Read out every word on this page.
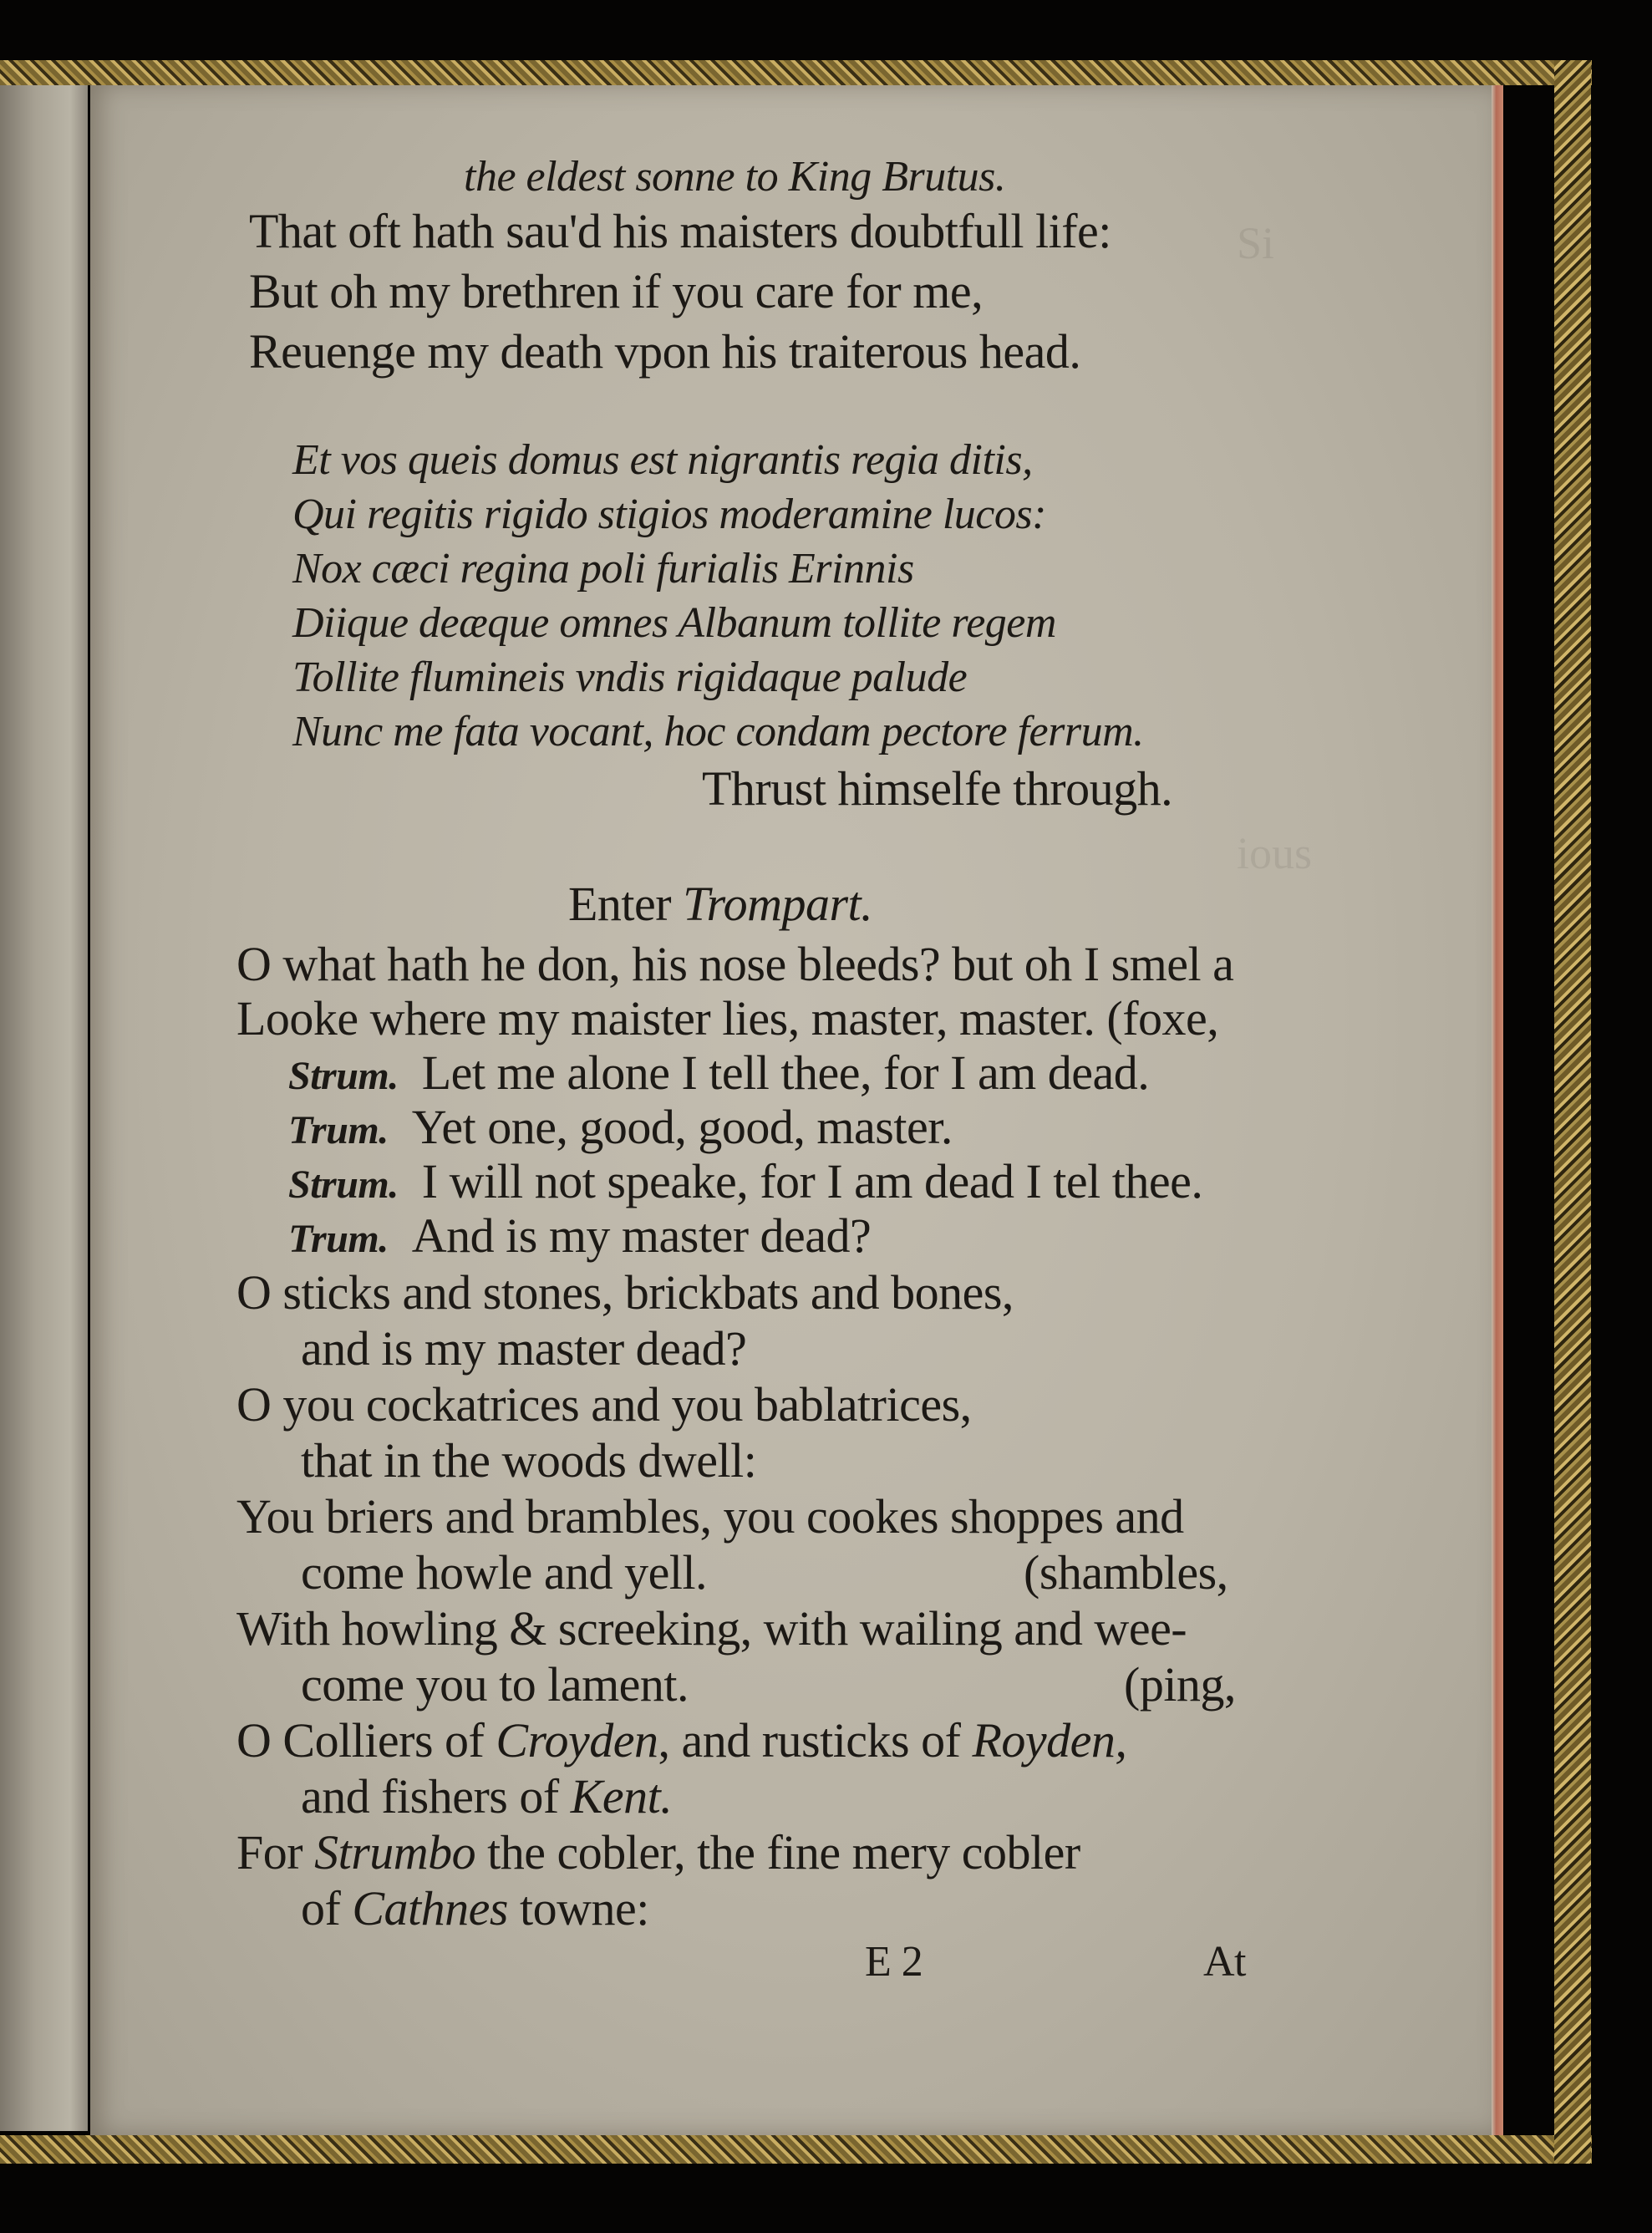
Si
ious
the eldest sonne to King Brutus.
That oft hath sau'd his maisters doubtfull life:
But oh my brethren if you care for me,
Reuenge my death vpon his traiterous head.
Et vos queis domus est nigrantis regia ditis,
Qui regitis rigido stigios moderamine lucos:
Nox cæci regina poli furialis Erinnis
Diique deæque omnes Albanum tollite regem
Tollite flumineis vndis rigidaque palude
Nunc me fata vocant, hoc condam pectore ferrum.
Thrust himselfe through.
Enter Trompart.
O what hath he don, his nose bleeds? but oh I smel a
Looke where my maister lies, master, master. (foxe,
Strum. Let me alone I tell thee, for I am dead.
Trum. Yet one, good, good, master.
Strum. I will not speake, for I am dead I tel thee.
Trum. And is my master dead?
O sticks and stones, brickbats and bones,
and is my master dead?
O you cockatrices and you bablatrices,
that in the woods dwell:
You briers and brambles, you cookes shoppes and
come howle and yell.	(shambles,
With howling & screeking, with wailing and wee-
come you to lament.	(ping,
O Colliers of Croyden, and rusticks of Royden,
and fishers of Kent.
For Strumbo the cobler, the fine mery cobler
of Cathnes towne:
E 2	At
